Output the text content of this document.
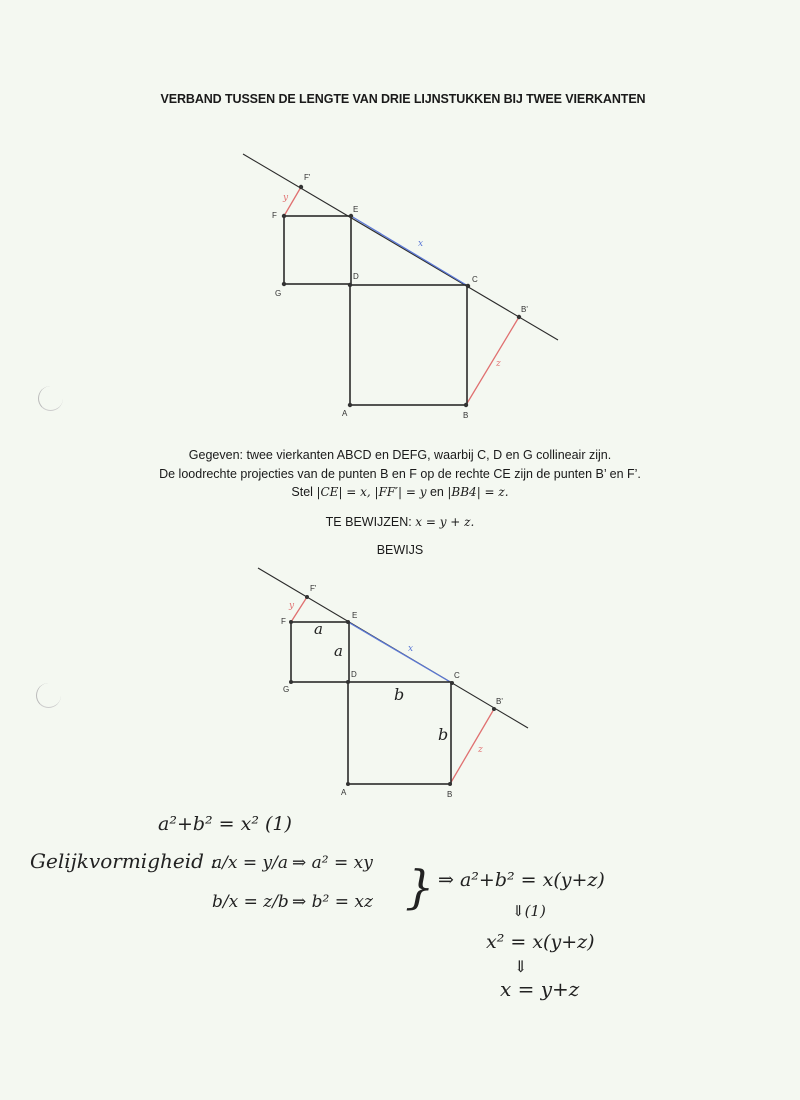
VERBAND TUSSEN DE LENGTE VAN DRIE LIJNSTUKKEN BIJ TWEE VIERKANTEN
F'
F
E
D
G
C
B'
A	B
x
y
z
Gegeven: twee vierkanten ABCD en DEFG, waarbij C, D en G collineair zijn.
De loodrechte projecties van de punten B en F op de rechte CE zijn de punten B’ en F’.
Stel |CE| = x, |FF′| = y en |BB4| = z.
TE BEWIJZEN: x = y + z.
BEWIJS
F'
F
E
D
G
C
B'
A	B
x
y
z
a
a
b
b
a²+b² = x² (1)
Gelijkvormigheid :
a/x = y/a ⇒ a² = xy
b/x = z/b ⇒ b² = xz } ⇒ a²+b² = x(y+z)
⇓(1)
x² = x(y+z)
⇓
x = y+z
